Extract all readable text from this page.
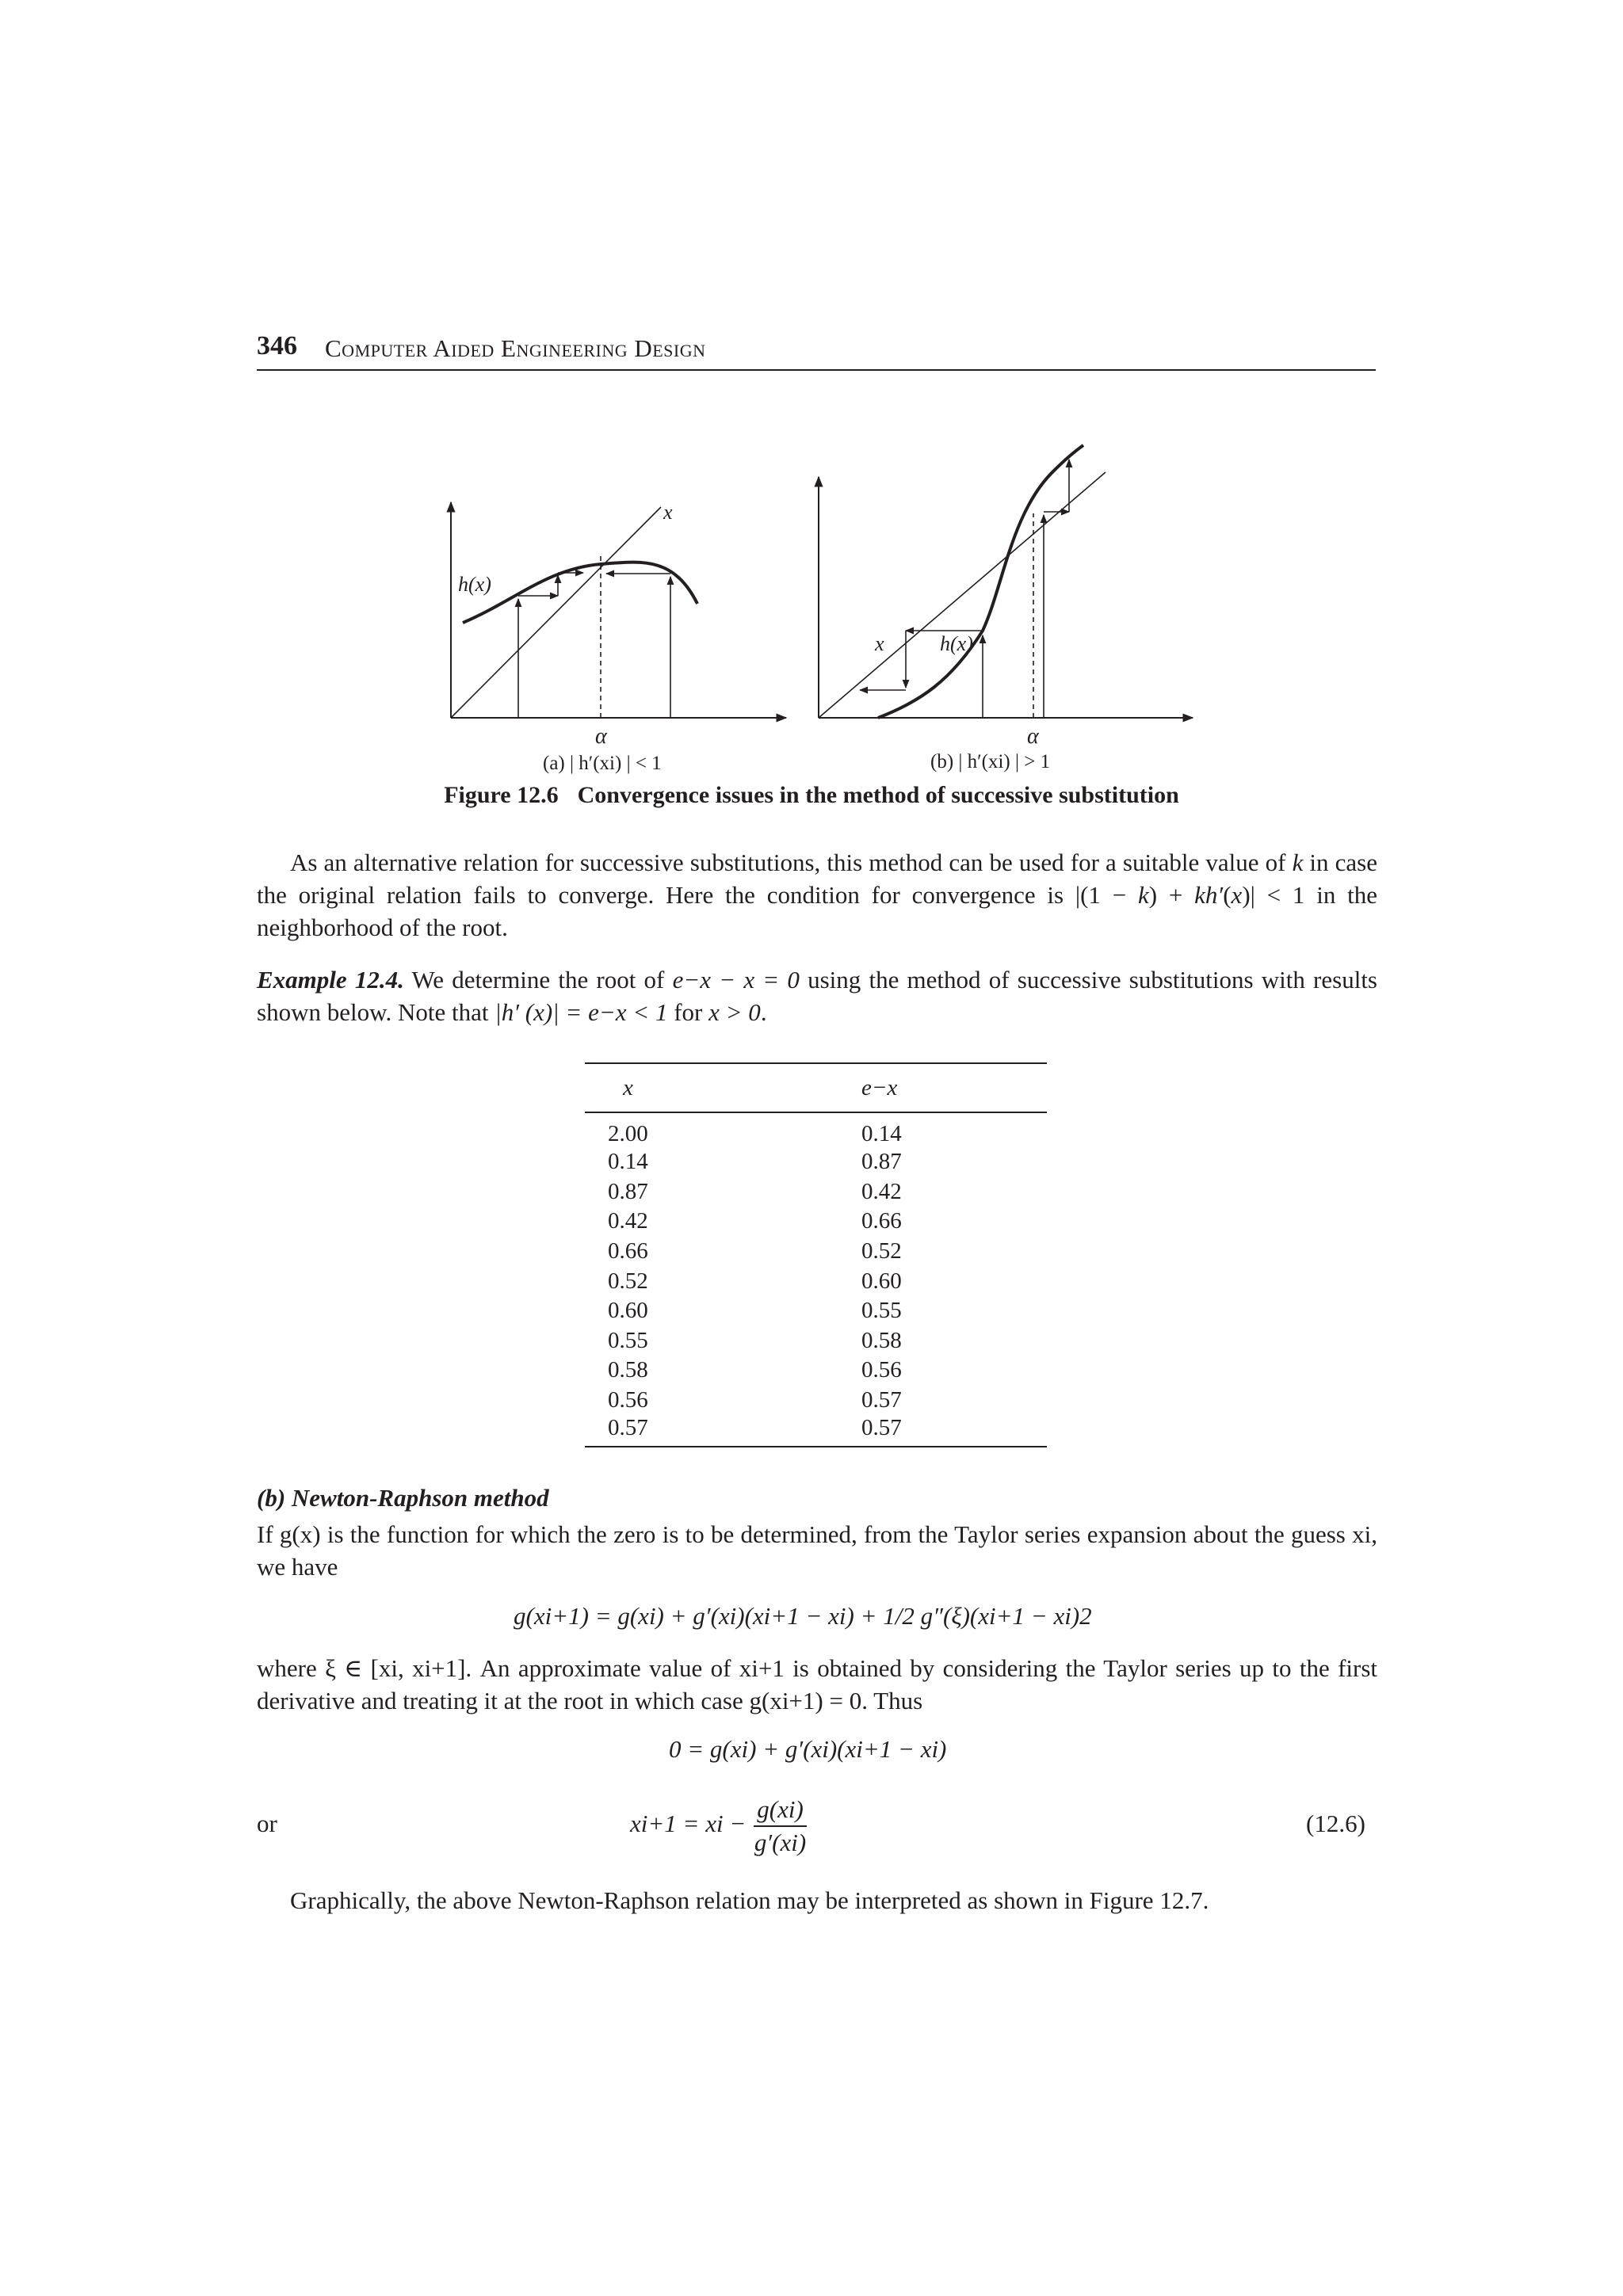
346 Computer Aided Engineering Design
h(x)
x
α
(a) | h′(xi) | < 1
h(x)
x
α
(b) | h′(xi) | > 1
Figure 12.6 Convergence issues in the method of successive substitution
As an alternative relation for successive substitutions, this method can be used for a suitable value of k in case the original relation fails to converge. Here the condition for convergence is |(1 − k) + kh′(x)| < 1 in the neighborhood of the root.
Example 12.4. We determine the root of e−x − x = 0 using the method of successive substitutions with results shown below. Note that |h′ (x)| = e−x < 1 for x > 0.
x	e−x
2.00	0.14
0.14	0.87
0.87	0.42
0.42	0.66
0.66	0.52
0.52	0.60
0.60	0.55
0.55	0.58
0.58	0.56
0.56	0.57
0.57	0.57
(b) Newton-Raphson method
If g(x) is the function for which the zero is to be determined, from the Taylor series expansion about the guess xi, we have
g(xi+1) = g(xi) + g′(xi)(xi+1 − xi) + 1/2 g″(ξ)(xi+1 − xi)2
where ξ ∈ [xi, xi+1]. An approximate value of xi+1 is obtained by considering the Taylor series up to the first derivative and treating it at the root in which case g(xi+1) = 0. Thus
0 = g(xi) + g′(xi)(xi+1 − xi)
or	xi+1 = xi − $\frac{g(xi)}{g'(xi)}$	(12.6)
Graphically, the above Newton-Raphson relation may be interpreted as shown in Figure 12.7.
